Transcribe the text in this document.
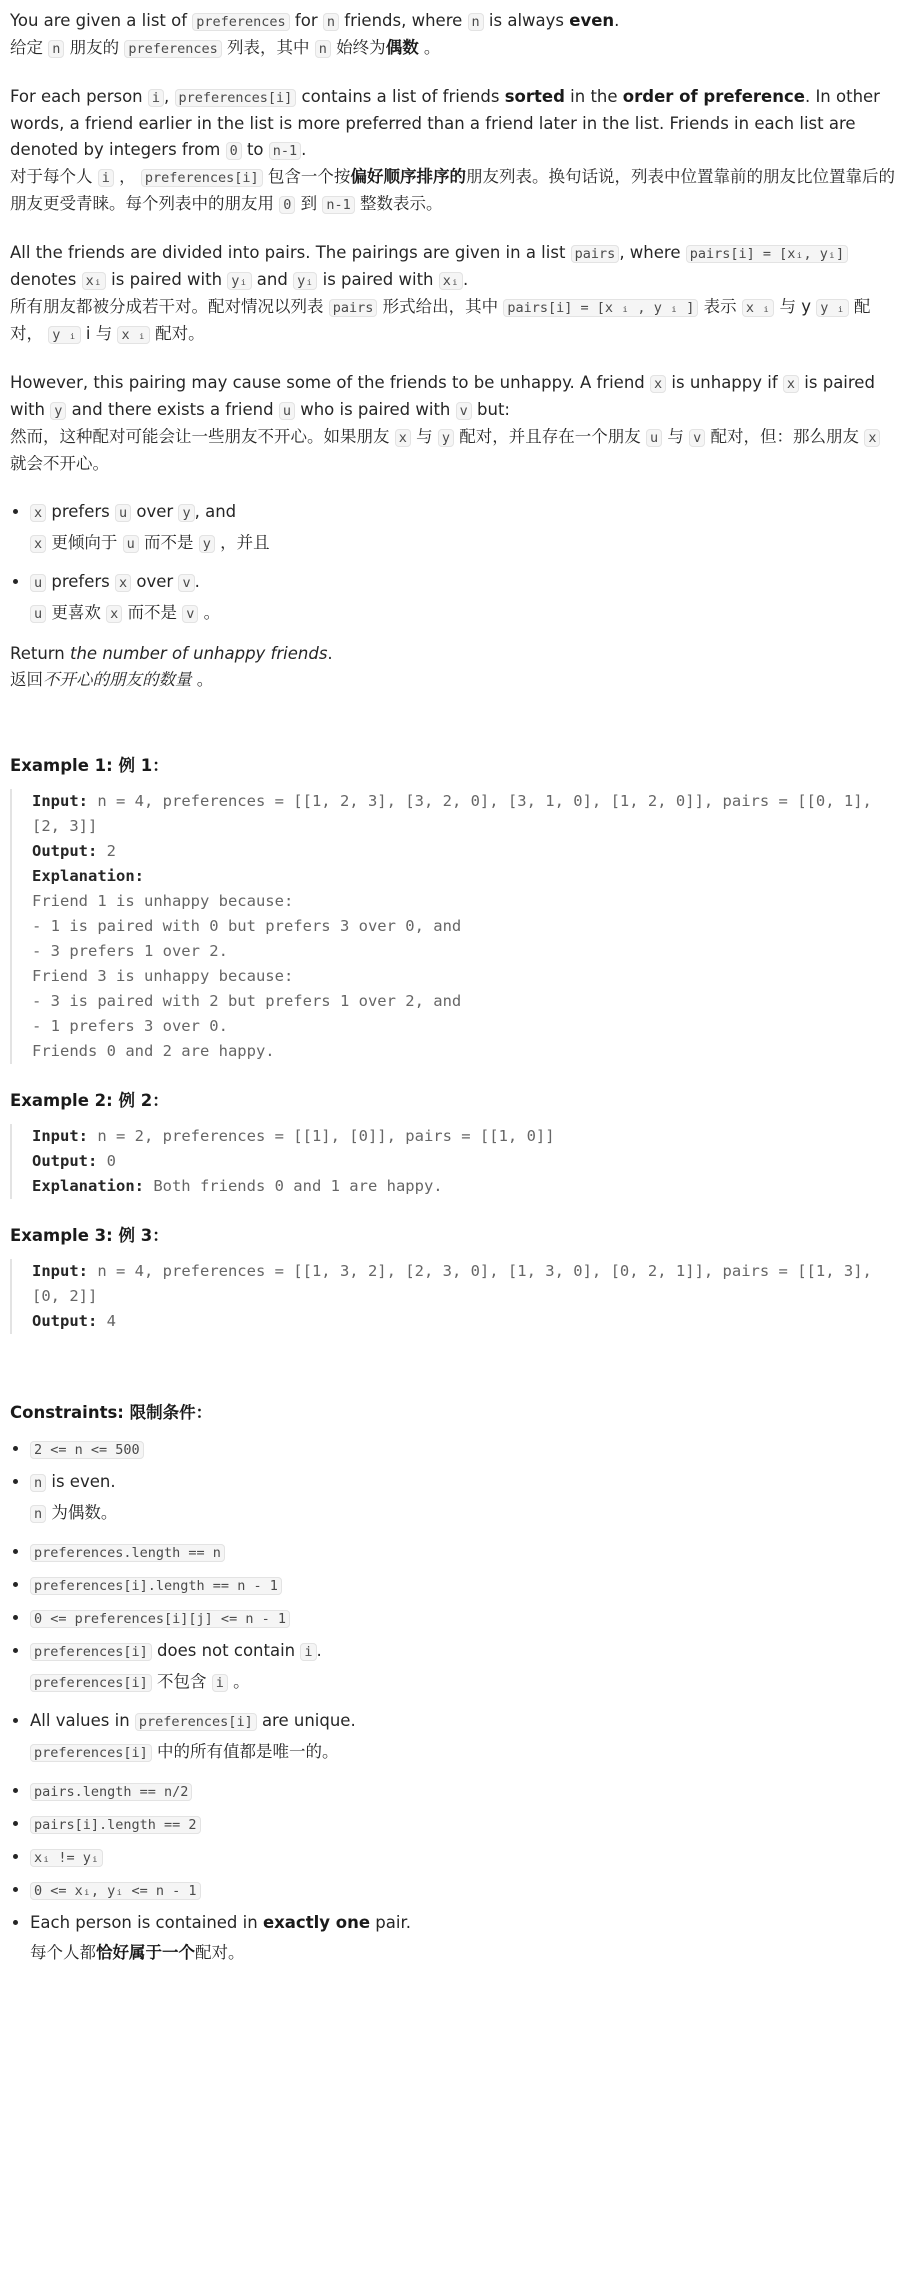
You are given a list of preferences for n friends, where n is always even.

给定 n 朋友的 preferences 列表，其中 n 始终为偶数 。

For each person i , preferences[i] contains a list of friends sorted in the order of preference. In other words, a friend earlier in the list is more preferred than a friend later in the list. Friends in each list are denoted by integers from 0 to n-1 .

对于每个人 i ， preferences[i] 包含一个按偏好顺序排序的朋友列表。换句话说，列表中位置靠前的朋友比位置靠后的朋友更受青睐。每个列表中的朋友用 0 到 n-1 整数表示。

All the friends are divided into pairs. The pairings are given in a list pairs , where pairs[i] = [xᵢ, yᵢ] denotes xᵢ is paired with yᵢ and yᵢ is paired with xᵢ .

所有朋友都被分成若干对。配对情况以列表 pairs 形式给出，其中 pairs[i] = [x ᵢ , y ᵢ ] 表示 x ᵢ 与 y y ᵢ 配对， y ᵢ i 与 x ᵢ 配对。

However, this pairing may cause some of the friends to be unhappy. A friend x is unhappy if x is paired with y and there exists a friend u who is paired with v but:

然而，这种配对可能会让一些朋友不开心。如果朋友 x 与 y 配对，并且存在一个朋友 u 与 v 配对，但：那么朋友 x 就会不开心。

• x prefers u over y , and

x 更倾向于 u 而不是 y ，并且

• u prefers x over v .

u 更喜欢 x 而不是 v 。

Return the number of unhappy friends.

返回不开心的朋友的数量 。

Example 1: 例 1：
Input: n = 4, preferences = [[1, 2, 3], [3, 2, 0], [3, 1, 0], [1, 2, 0]], pairs = [[0, 1], [2, 3]]
Output: 2
Explanation:
Friend 1 is unhappy because:
- 1 is paired with 0 but prefers 3 over 0, and
- 3 prefers 1 over 2.
Friend 3 is unhappy because:
- 3 is paired with 2 but prefers 1 over 2, and
- 1 prefers 3 over 0.
Friends 0 and 2 are happy.
Example 2: 例 2：
Input: n = 2, preferences = [[1], [0]], pairs = [[1, 0]]
Output: 0
Explanation: Both friends 0 and 1 are happy.
Example 3: 例 3：
Input: n = 4, preferences = [[1, 3, 2], [2, 3, 0], [1, 3, 0], [0, 2, 1]], pairs = [[1, 3], [0, 2]]
Output: 4
Constraints: 限制条件：
• 2 <= n <= 500

• n is even.

n 为偶数。

• preferences.length == n
• preferences[i].length == n - 1
• 0 <= preferences[i][j] <= n - 1

• preferences[i] does not contain i .

preferences[i] 不包含 i 。

• All values in preferences[i] are unique.

preferences[i] 中的所有值都是唯一的。

• pairs.length == n/2
• pairs[i].length == 2
• xᵢ != yᵢ
• 0 <= xᵢ, yᵢ <= n - 1

• Each person is contained in exactly one pair.

每个人都恰好属于一个配对。
